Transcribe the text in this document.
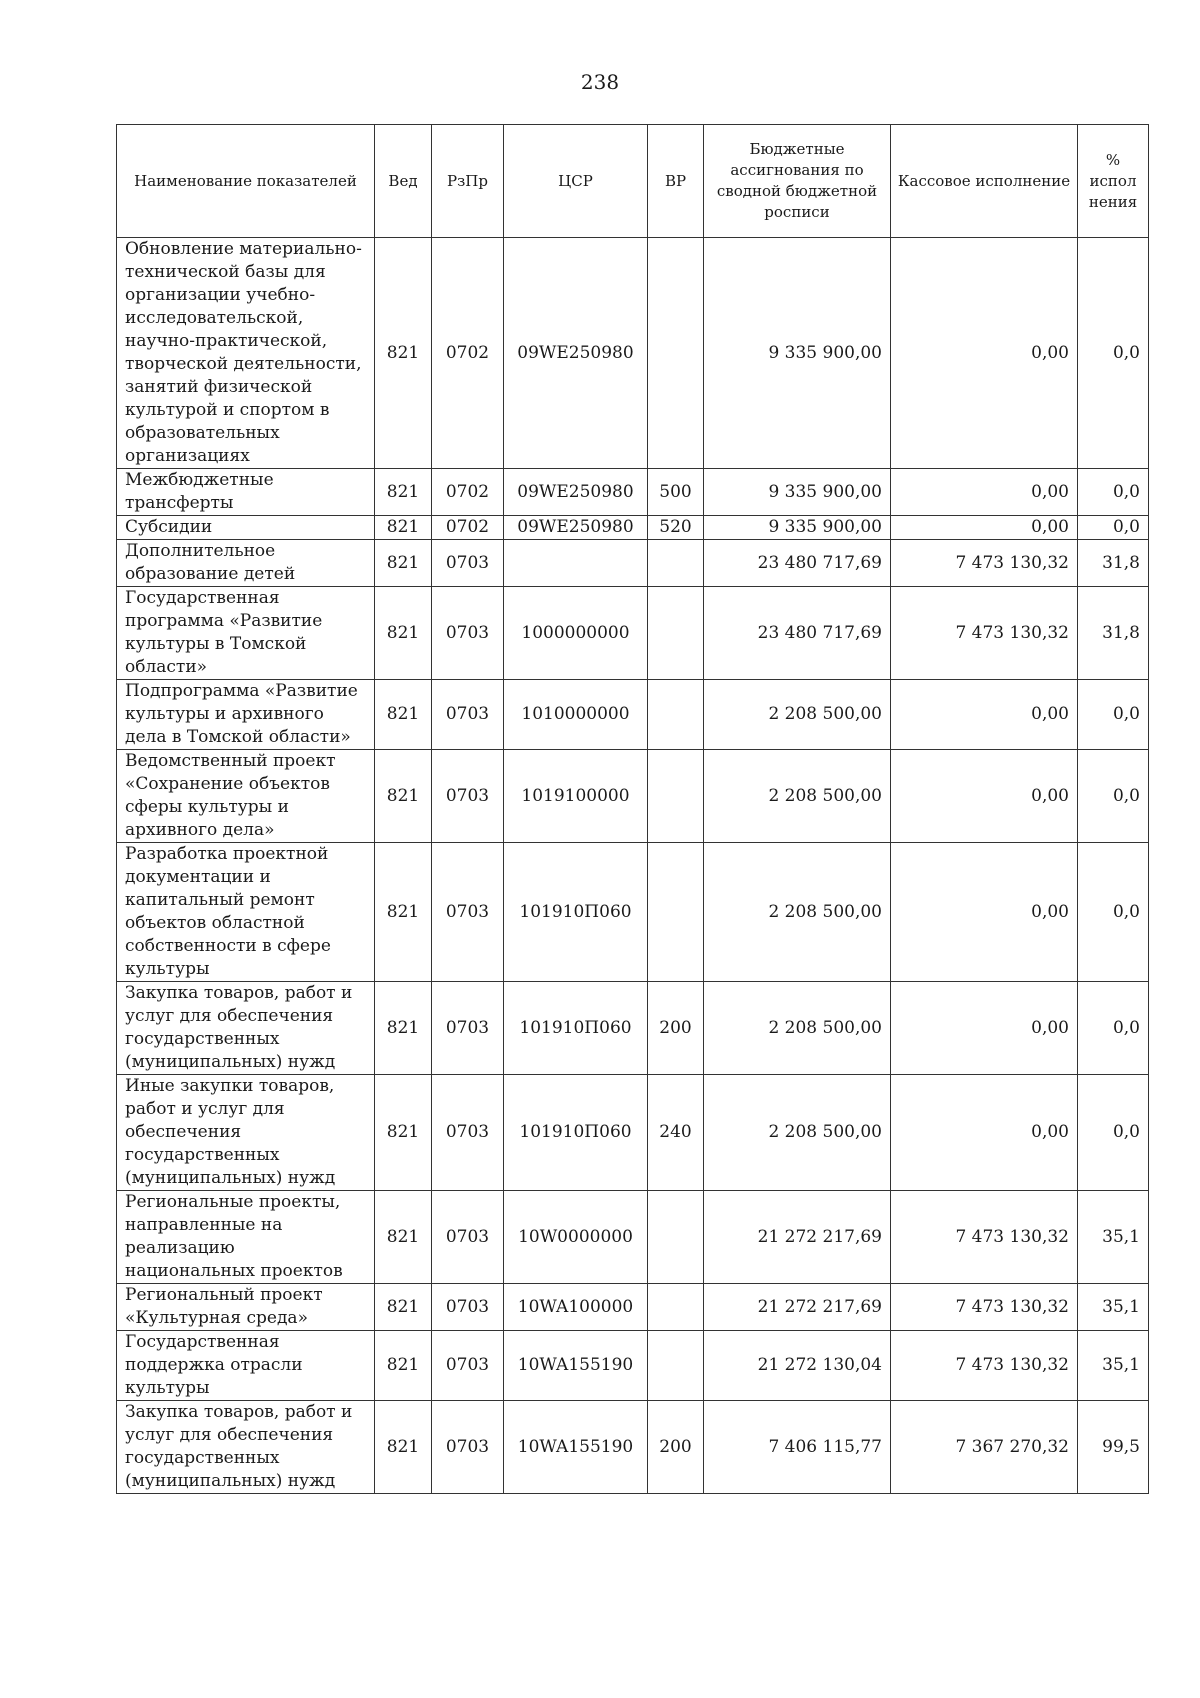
238
Наименование показателей	Вед	РзПр	ЦСР	ВР	Бюджетные ассигнования по сводной бюджетной росписи	Кассовое исполнение	% испол нения
Обновление материально-технической базы для организации учебно-исследовательской, научно-практической, творческой деятельности, занятий физической культурой и спортом в образовательных организациях	821	0702	09WE250980		9 335 900,00	0,00	0,0
Межбюджетные трансферты	821	0702	09WE250980	500	9 335 900,00	0,00	0,0
Субсидии	821	0702	09WE250980	520	9 335 900,00	0,00	0,0
Дополнительное образование детей	821	0703			23 480 717,69	7 473 130,32	31,8
Государственная программа «Развитие культуры в Томской области»	821	0703	1000000000		23 480 717,69	7 473 130,32	31,8
Подпрограмма «Развитие культуры и архивного дела в Томской области»	821	0703	1010000000		2 208 500,00	0,00	0,0
Ведомственный проект «Сохранение объектов сферы культуры и архивного дела»	821	0703	1019100000		2 208 500,00	0,00	0,0
Разработка проектной документации и капитальный ремонт объектов областной собственности в сфере культуры	821	0703	101910П060		2 208 500,00	0,00	0,0
Закупка товаров, работ и услуг для обеспечения государственных (муниципальных) нужд	821	0703	101910П060	200	2 208 500,00	0,00	0,0
Иные закупки товаров, работ и услуг для обеспечения государственных (муниципальных) нужд	821	0703	101910П060	240	2 208 500,00	0,00	0,0
Региональные проекты, направленные на реализацию национальных проектов	821	0703	10W0000000		21 272 217,69	7 473 130,32	35,1
Региональный проект «Культурная среда»	821	0703	10WA100000		21 272 217,69	7 473 130,32	35,1
Государственная поддержка отрасли культуры	821	0703	10WA155190		21 272 130,04	7 473 130,32	35,1
Закупка товаров, работ и услуг для обеспечения государственных (муниципальных) нужд	821	0703	10WA155190	200	7 406 115,77	7 367 270,32	99,5
